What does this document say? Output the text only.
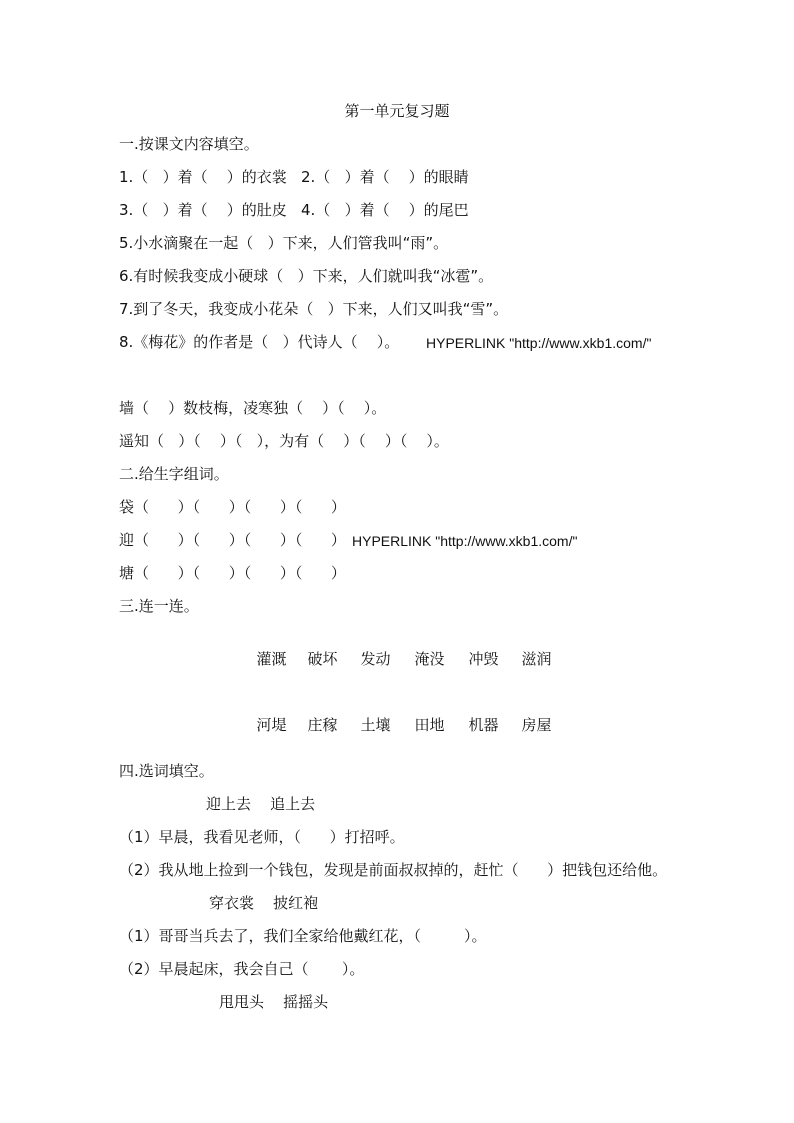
第一单元复习题
一.按课文内容填空。
1.（   ）着（    ）的衣裳   2.（   ）着（    ）的眼睛
3.（   ）着（    ）的肚皮   4.（   ）着（    ）的尾巴
5.小水滴聚在一起（   ）下来，人们管我叫“雨”。
6.有时候我变成小硬球（   ）下来，人们就叫我“冰雹”。
7.到了冬天，我变成小花朵（   ）下来，人们又叫我“雪”。
8.《梅花》的作者是（   ）代诗人（    ）。 HYPERLINK "http://www.xkb1.com/"
墙（    ）数枝梅，凌寒独（    ）（    ）。
遥知（   ）（    ）（   ），为有（    ）（    ）（    ）。
二.给生字组词。
袋（      ）（      ）（      ）（      ）
迎（      ）（      ）（      ）（      ） HYPERLINK "http://www.xkb1.com/"
塘（      ）（      ）（      ）（      ）
三.连一连。

灌溉 破坏 发动 淹没 冲毁 滋润

河堤 庄稼 土壤 田地 机器 房屋

四.选词填空。
迎上去    追上去
（1）早晨，我看见老师，（      ）打招呼。
（2）我从地上捡到一个钱包，发现是前面叔叔掉的，赶忙（      ）把钱包还给他。
穿衣裳    披红袍
（1）哥哥当兵去了，我们全家给他戴红花，（         ）。
（2）早晨起床，我会自己（       ）。
甩甩头    摇摇头
